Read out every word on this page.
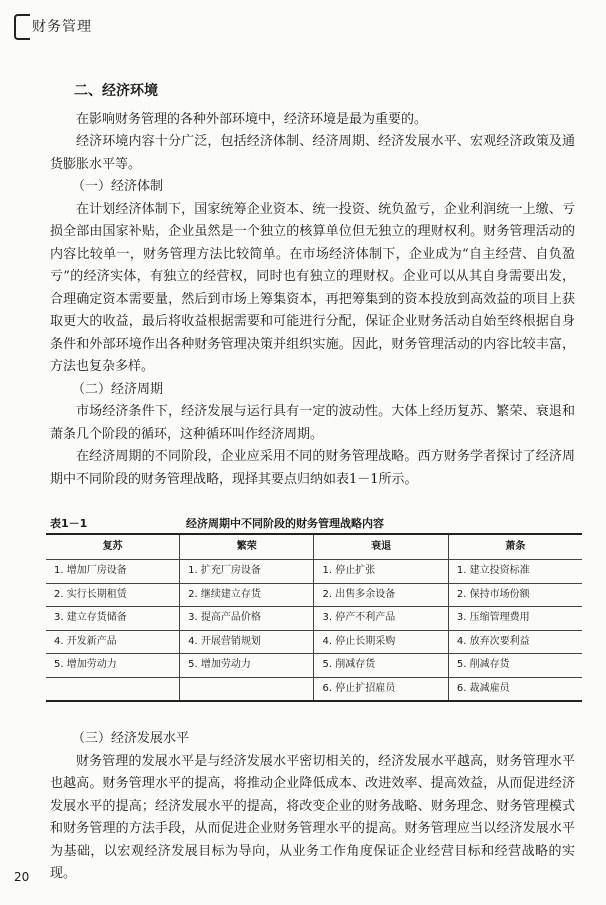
财务管理
二、经济环境

在影响财务管理的各种外部环境中，经济环境是最为重要的。

经济环境内容十分广泛，包括经济体制、经济周期、经济发展水平、宏观经济政策及通货膨胀水平等。

（一）经济体制

在计划经济体制下，国家统筹企业资本、统一投资、统负盈亏，企业利润统一上缴、亏损全部由国家补贴，企业虽然是一个独立的核算单位但无独立的理财权利。财务管理活动的内容比较单一，财务管理方法比较简单。在市场经济体制下，企业成为“自主经营、自负盈亏”的经济实体，有独立的经营权，同时也有独立的理财权。企业可以从其自身需要出发，合理确定资本需要量，然后到市场上筹集资本，再把筹集到的资本投放到高效益的项目上获取更大的收益，最后将收益根据需要和可能进行分配，保证企业财务活动自始至终根据自身条件和外部环境作出各种财务管理决策并组织实施。因此，财务管理活动的内容比较丰富，方法也复杂多样。

（二）经济周期

市场经济条件下，经济发展与运行具有一定的波动性。大体上经历复苏、繁荣、衰退和萧条几个阶段的循环，这种循环叫作经济周期。

在经济周期的不同阶段，企业应采用不同的财务管理战略。西方财务学者探讨了经济周期中不同阶段的财务管理战略，现择其要点归纳如表1－1所示。

表1－1	经济周期中不同阶段的财务管理战略内容
复苏	繁荣	衰退	萧条
1. 增加厂房设备	1. 扩充厂房设备	1. 停止扩张	1. 建立投资标准
2. 实行长期租赁	2. 继续建立存货	2. 出售多余设备	2. 保持市场份额
3. 建立存货储备	3. 提高产品价格	3. 停产不利产品	3. 压缩管理费用
4. 开发新产品	4. 开展营销规划	4. 停止长期采购	4. 放弃次要利益
5. 增加劳动力	5. 增加劳动力	5. 削减存货	5. 削减存货
		6. 停止扩招雇员	6. 裁减雇员
（三）经济发展水平

财务管理的发展水平是与经济发展水平密切相关的，经济发展水平越高，财务管理水平也越高。财务管理水平的提高，将推动企业降低成本、改进效率、提高效益，从而促进经济发展水平的提高；经济发展水平的提高，将改变企业的财务战略、财务理念、财务管理模式和财务管理的方法手段，从而促进企业财务管理水平的提高。财务管理应当以经济发展水平为基础，以宏观经济发展目标为导向，从业务工作角度保证企业经营目标和经营战略的实现。

20
